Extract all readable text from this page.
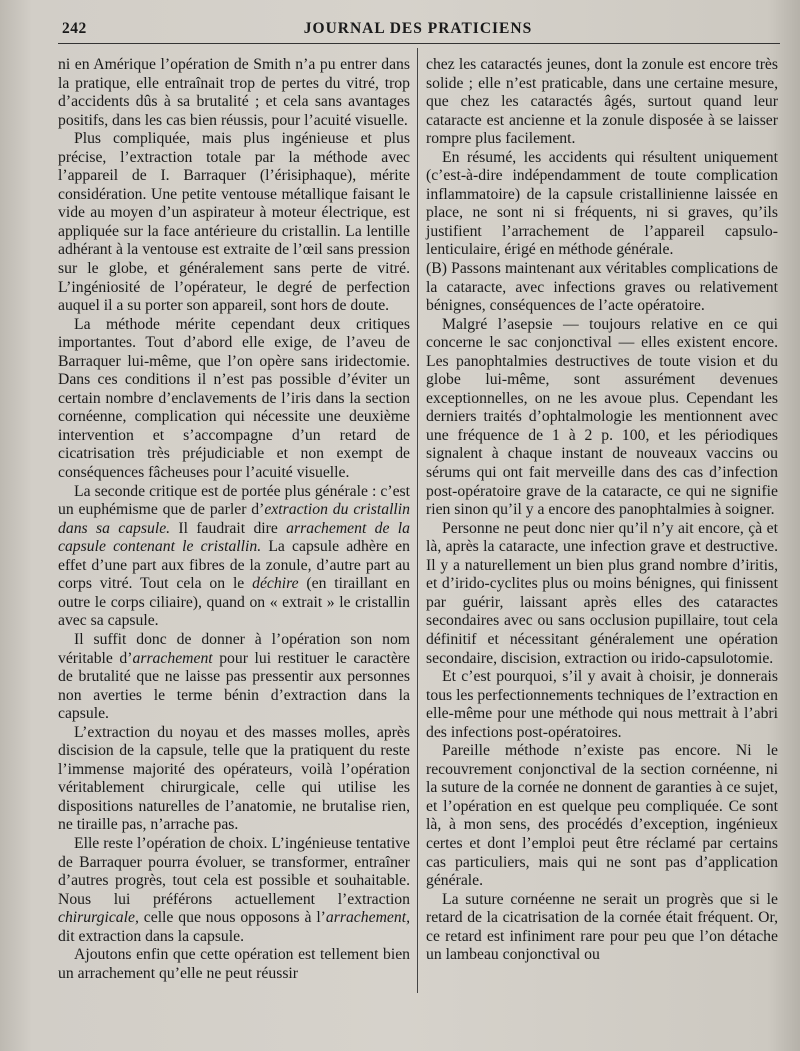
242	JOURNAL DES PRATICIENS

ni en Amérique l’opération de Smith n’a pu entrer dans la pratique, elle entraînait trop de pertes du vitré, trop d’accidents dûs à sa brutalité ; et cela sans avantages positifs, dans les cas bien réussis, pour l’acuité visuelle.

Plus compliquée, mais plus ingénieuse et plus précise, l’extraction totale par la méthode avec l’appareil de I. Barraquer (l’érisiphaque), mérite considération. Une petite ventouse métallique faisant le vide au moyen d’un aspirateur à moteur électrique, est appliquée sur la face antérieure du cristallin. La lentille adhérant à la ventouse est extraite de l’œil sans pression sur le globe, et généralement sans perte de vitré. L’ingéniosité de l’opérateur, le degré de perfection auquel il a su porter son appareil, sont hors de doute.

La méthode mérite cependant deux critiques importantes. Tout d’abord elle exige, de l’aveu de Barraquer lui-même, que l’on opère sans iridectomie. Dans ces conditions il n’est pas possible d’éviter un certain nombre d’enclavements de l’iris dans la section cornéenne, complication qui nécessite une deuxième intervention et s’accompagne d’un retard de cicatrisation très préjudiciable et non exempt de conséquences fâcheuses pour l’acuité visuelle.

La seconde critique est de portée plus générale : c’est un euphémisme que de parler d’extraction du cristallin dans sa capsule. Il faudrait dire arrachement de la capsule contenant le cristallin. La capsule adhère en effet d’une part aux fibres de la zonule, d’autre part au corps vitré. Tout cela on le déchire (en tiraillant en outre le corps ciliaire), quand on « extrait » le cristallin avec sa capsule.

Il suffit donc de donner à l’opération son nom véritable d’arrachement pour lui restituer le caractère de brutalité que ne laisse pas pressentir aux personnes non averties le terme bénin d’extraction dans la capsule.

L’extraction du noyau et des masses molles, après discision de la capsule, telle que la pratiquent du reste l’immense majorité des opérateurs, voilà l’opération véritablement chirurgicale, celle qui utilise les dispositions naturelles de l’anatomie, ne brutalise rien, ne tiraille pas, n’arrache pas.

Elle reste l’opération de choix. L’ingénieuse tentative de Barraquer pourra évoluer, se transformer, entraîner d’autres progrès, tout cela est possible et souhaitable. Nous lui préférons actuellement l’extraction chirurgicale, celle que nous opposons à l’arrachement, dit extraction dans la capsule.

Ajoutons enfin que cette opération est tellement bien un arrachement qu’elle ne peut réussir

chez les cataractés jeunes, dont la zonule est encore très solide ; elle n’est praticable, dans une certaine mesure, que chez les cataractés âgés, surtout quand leur cataracte est ancienne et la zonule disposée à se laisser rompre plus facilement.

En résumé, les accidents qui résultent uniquement (c’est-à-dire indépendamment de toute complication inflammatoire) de la capsule cristallinienne laissée en place, ne sont ni si fréquents, ni si graves, qu’ils justifient l’arrachement de l’appareil capsulo-lenticulaire, érigé en méthode générale.

(B) Passons maintenant aux véritables complications de la cataracte, avec infections graves ou relativement bénignes, conséquences de l’acte opératoire.

Malgré l’asepsie — toujours relative en ce qui concerne le sac conjonctival — elles existent encore. Les panophtalmies destructives de toute vision et du globe lui-même, sont assurément devenues exceptionnelles, on ne les avoue plus. Cependant les derniers traités d’ophtalmologie les mentionnent avec une fréquence de 1 à 2 p. 100, et les périodiques signalent à chaque instant de nouveaux vaccins ou sérums qui ont fait merveille dans des cas d’infection post-opératoire grave de la cataracte, ce qui ne signifie rien sinon qu’il y a encore des panophtalmies à soigner.

Personne ne peut donc nier qu’il n’y ait encore, çà et là, après la cataracte, une infection grave et destructive. Il y a naturellement un bien plus grand nombre d’iritis, et d’irido-cyclites plus ou moins bénignes, qui finissent par guérir, laissant après elles des cataractes secondaires avec ou sans occlusion pupillaire, tout cela définitif et nécessitant généralement une opération secondaire, discision, extraction ou irido-capsulotomie.

Et c’est pourquoi, s’il y avait à choisir, je donnerais tous les perfectionnements techniques de l’extraction en elle-même pour une méthode qui nous mettrait à l’abri des infections post-opératoires.

Pareille méthode n’existe pas encore. Ni le recouvrement conjonctival de la section cornéenne, ni la suture de la cornée ne donnent de garanties à ce sujet, et l’opération en est quelque peu compliquée. Ce sont là, à mon sens, des procédés d’exception, ingénieux certes et dont l’emploi peut être réclamé par certains cas particuliers, mais qui ne sont pas d’application générale.

La suture cornéenne ne serait un progrès que si le retard de la cicatrisation de la cornée était fréquent. Or, ce retard est infiniment rare pour peu que l’on détache un lambeau conjonctival ou
